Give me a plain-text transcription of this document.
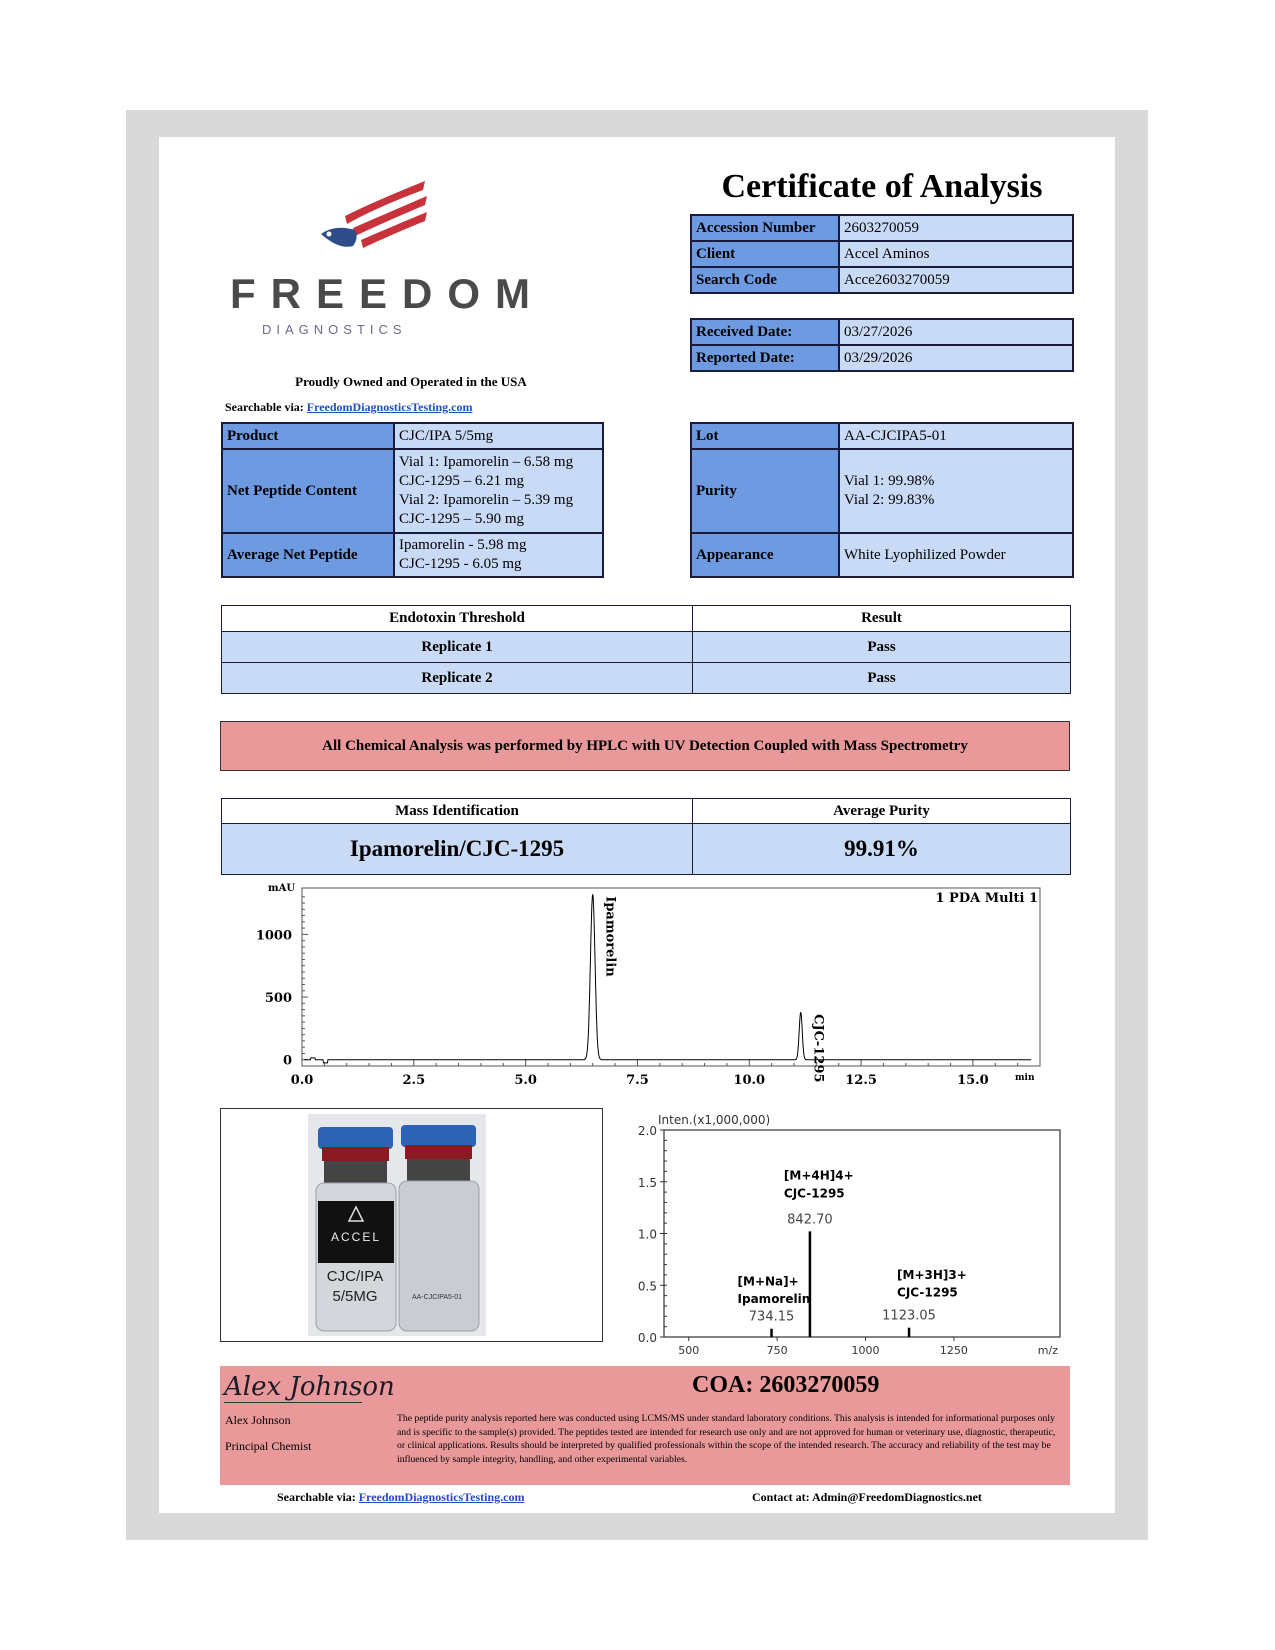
FREEDOM
DIAGNOSTICS
Proudly Owned and Operated in the USA
Searchable via: FreedomDiagnosticsTesting.com
Certificate of Analysis
Accession Number	2603270059
Client	Accel Aminos
Search Code	Acce2603270059
Received Date:	03/27/2026
Reported Date:	03/29/2026
Product	CJC/IPA 5/5mg
Net Peptide Content	Vial 1: Ipamorelin – 6.58 mg
CJC-1295 – 6.21 mg
Vial 2: Ipamorelin – 5.39 mg
CJC-1295 – 5.90 mg

Average Net Peptide	Ipamorelin - 5.98 mg
CJC-1295 - 6.05 mg
Lot	AA-CJCIPA5-01
Purity	Vial 1: 99.98%
Vial 2: 99.83%

Appearance	White Lyophilized Powder
Endotoxin Threshold	Result
Replicate 1	Pass
Replicate 2	Pass
All Chemical Analysis was performed by HPLC with UV Detection Coupled with Mass Spectrometry
Mass Identification	Average Purity
Ipamorelin/CJC-1295	99.91%
0
500
1000
0.0	2.5	5.0	7.5	10.0	12.5	15.0
mAU
min
1 PDA Multi 1
Ipamorelin
CJC-1295
ACCEL
CJC/IPA
5/5MG	AA-CJCIPA5-01
Inten.(x1,000,000)
m/z
0.0
0.5
1.0
1.5
2.0
500	750	1000	1250
734.15
842.70
1123.05
[M+4H]4+
CJC-1295
[M+Na]+
Ipamorelin
[M+3H]3+
CJC-1295
Alex Johnson
Alex Johnson
Principal Chemist
COA: 2603270059
The peptide purity analysis reported here was conducted using LCMS/MS under standard laboratory conditions. This analysis is intended for informational purposes only and is specific to the sample(s) provided. The peptides tested are intended for research use only and are not approved for human or veterinary use, diagnostic, therapeutic, or clinical applications. Results should be interpreted by qualified professionals within the scope of the intended research. The accuracy and reliability of the test may be influenced by sample integrity, handling, and other experimental variables.
Searchable via: FreedomDiagnosticsTesting.com	Contact at: Admin@FreedomDiagnostics.net
